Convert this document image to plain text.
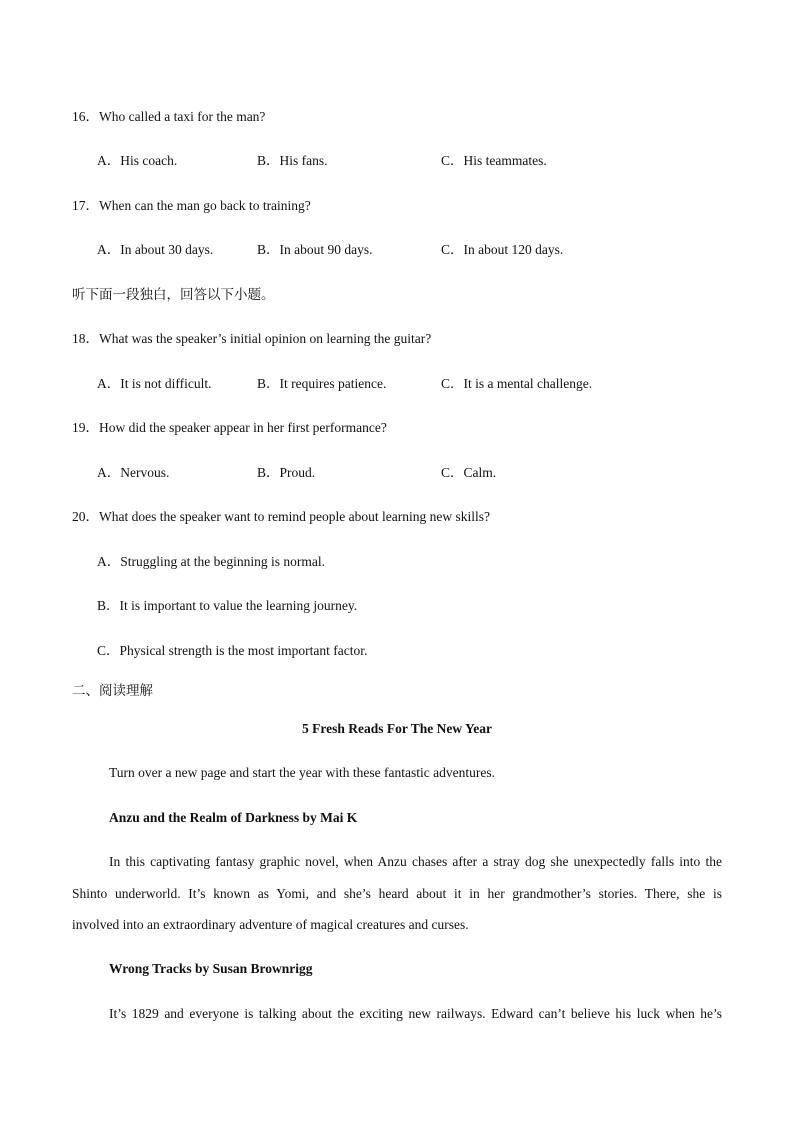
16．Who called a taxi for the man?
A．His coach.	B．His fans.	C．His teammates.
17．When can the man go back to training?
A．In about 30 days.	B．In about 90 days.	C．In about 120 days.
听下面一段独白，回答以下小题。
18．What was the speaker’s initial opinion on learning the guitar?
A．It is not difficult.	B．It requires patience.	C．It is a mental challenge.
19．How did the speaker appear in her first performance?
A．Nervous.	B．Proud.	C．Calm.
20．What does the speaker want to remind people about learning new skills?
A．Struggling at the beginning is normal.
B．It is important to value the learning journey.
C．Physical strength is the most important factor.
二、阅读理解
5 Fresh Reads For The New Year
Turn over a new page and start the year with these fantastic adventures.
Anzu and the Realm of Darkness by Mai K
In this captivating fantasy graphic novel, when Anzu chases after a stray dog she unexpectedly falls into the
Shinto underworld. It’s known as Yomi, and she’s heard about it in her grandmother’s stories. There, she is
involved into an extraordinary adventure of magical creatures and curses.
Wrong Tracks by Susan Brownrigg
It’s 1829 and everyone is talking about the exciting new railways. Edward can’t believe his luck when he’s
